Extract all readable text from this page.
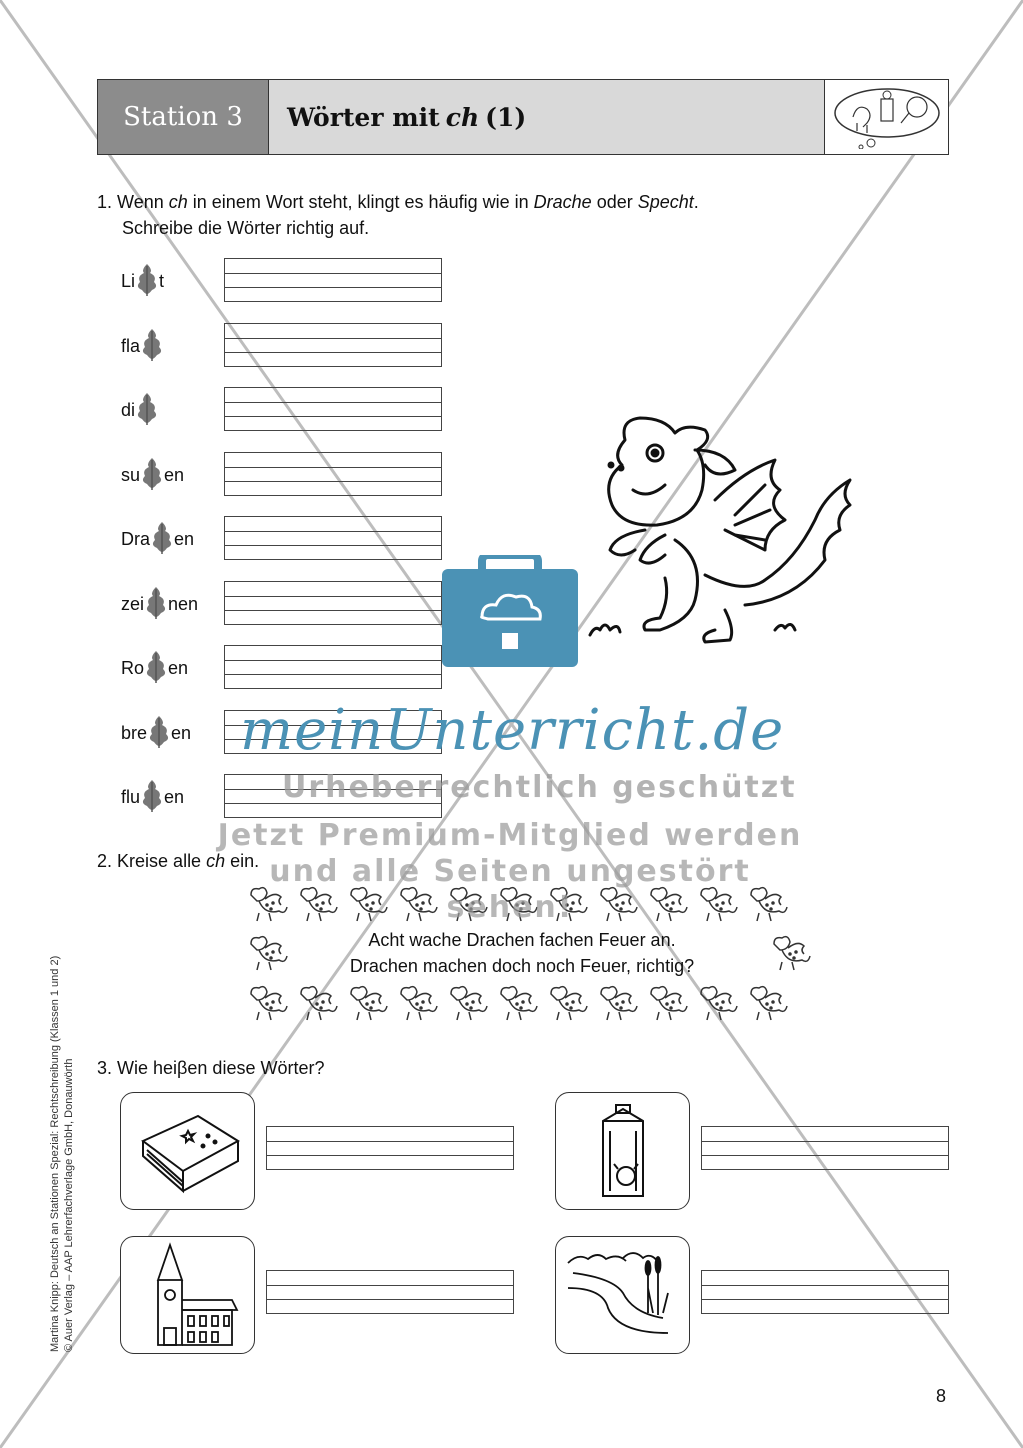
Station 3	Wörter mit ch (1)
1. Wenn ch in einem Wort steht, klingt es häufig wie in Drache oder Specht.
Schreibe die Wörter richtig auf.
Li t
fla
di
su en
Dra en
zei nen
Ro en
bre en
flu en
2. Kreise alle ch ein.
Acht wache Drachen fachen Feuer an.
Drachen machen doch noch Feuer, richtig?
3. Wie heiβen diese Wörter?
meinUnterricht.de
Urheberrechtlich geschützt
Jetzt Premium-Mitglied werden
und alle Seiten ungestört sehen!
Martina Knipp: Deutsch an Stationen Spezial: Rechtschreibung (Klassen 1 und 2) © Auer Verlag – AAP Lehrerfachverlage GmbH, Donauwörth
8
